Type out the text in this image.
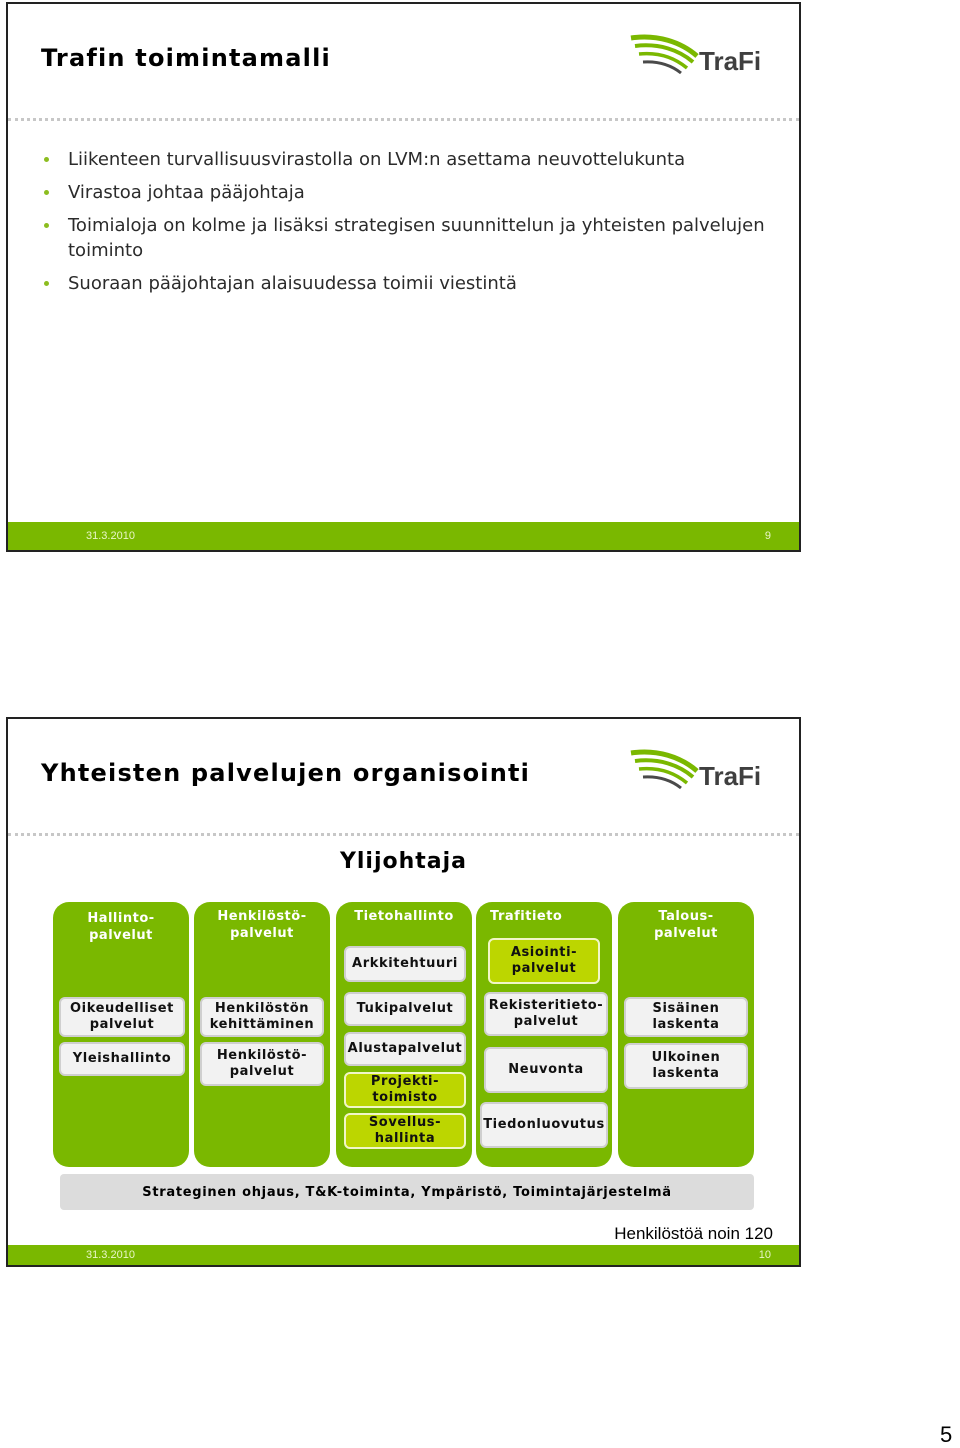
Trafin toimintamalli	TraFi
Liikenteen turvallisuusvirastolla on LVM:n asettama neuvottelukunta
Virastoa johtaa pääjohtaja
Toimialoja on kolme ja lisäksi strategisen suunnittelun ja yhteisten palvelujen toiminto
Suoraan pääjohtajan alaisuudessa toimii viestintä
31.3.2010	9
Yhteisten palvelujen organisointi	TraFi
Ylijohtaja
Hallinto-
palvelut
Oikeudelliset palvelut
Yleishallinto
Henkilöstö-
palvelut
Henkilöstön kehittäminen
Henkilöstö-
palvelut
Tietohallinto
Arkkitehtuuri
Tukipalvelut
Alustapalvelut
Projekti-
toimisto
Sovellus-
hallinta
Trafitieto
Asiointi-
palvelut
Rekisteritieto-
palvelut
Neuvonta
Tiedonluovutus
Talous-
palvelut
Sisäinen laskenta
Ulkoinen laskenta
Strateginen ohjaus, T&K-toiminta, Ympäristö, Toimintajärjestelmä
Henkilöstöä noin 120
31.3.2010	10
5
